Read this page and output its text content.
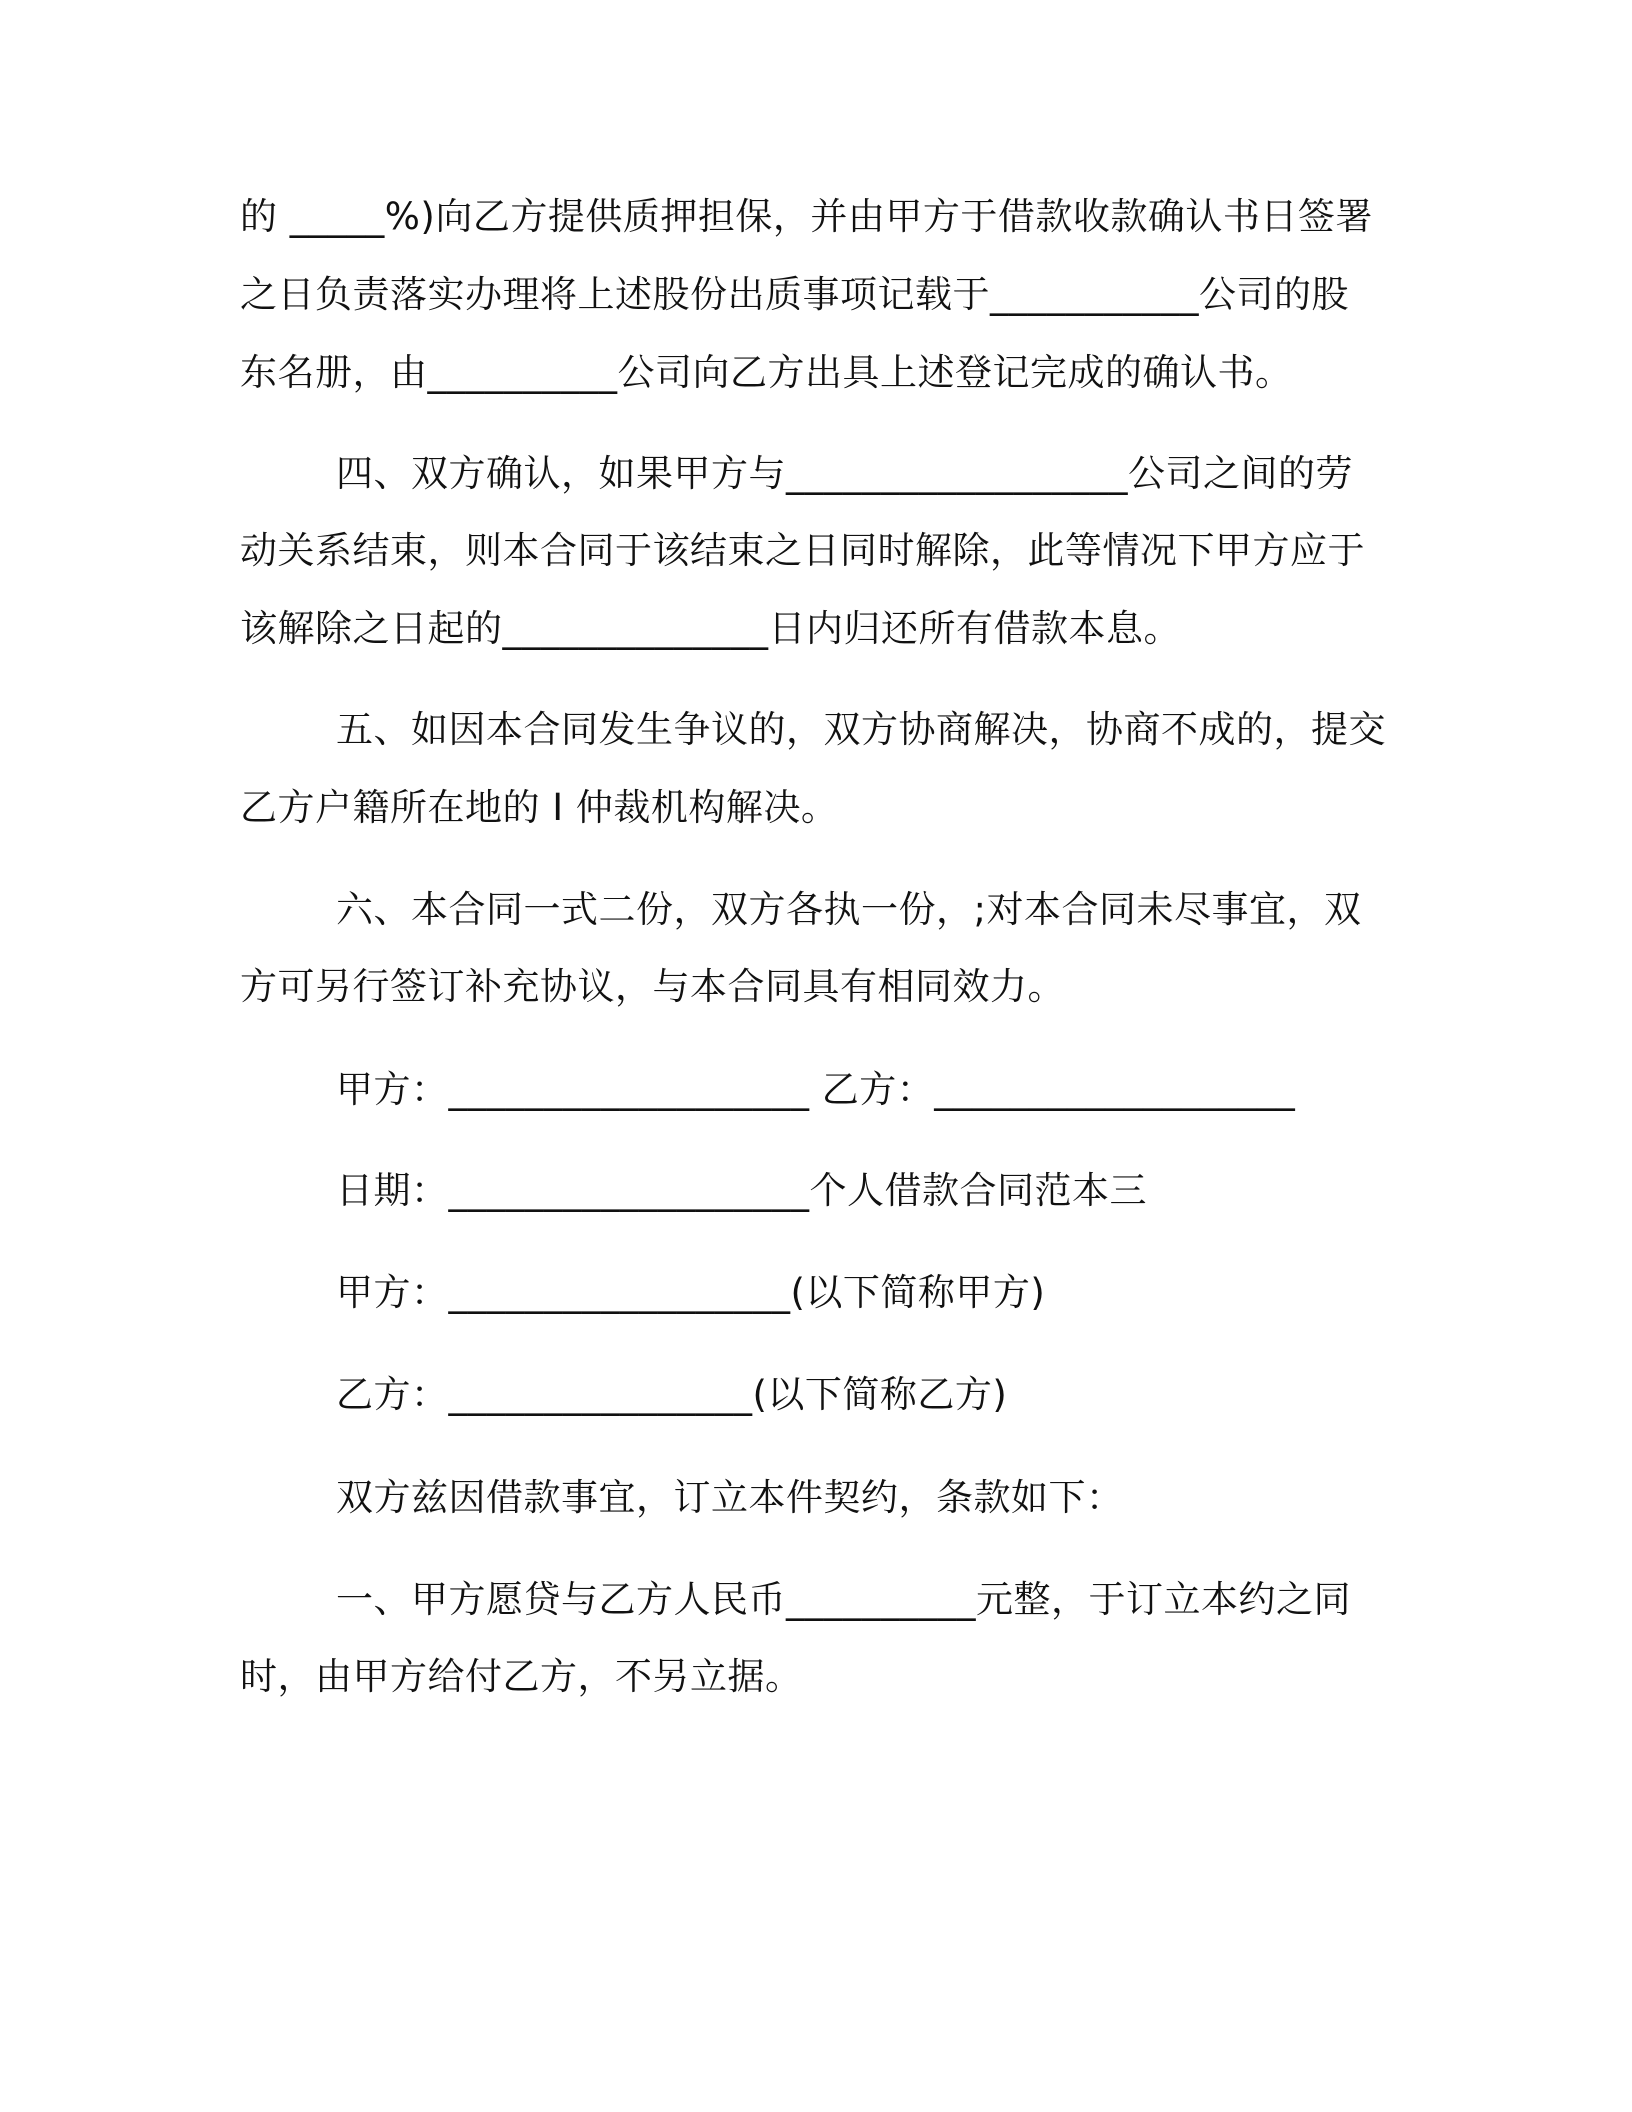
的 _____%)向乙方提供质押担保，并由甲方于借款收款确认书日签署
之日负责落实办理将上述股份出质事项记载于___________公司的股
东名册，由__________公司向乙方出具上述登记完成的确认书。
四、双方确认，如果甲方与__________________公司之间的劳
动关系结束，则本合同于该结束之日同时解除，此等情况下甲方应于
该解除之日起的______________日内归还所有借款本息。
五、如因本合同发生争议的，双方协商解决，协商不成的，提交
乙方户籍所在地的 I 仲裁机构解决。
六、本合同一式二份，双方各执一份，;对本合同未尽事宜，双
方可另行签订补充协议，与本合同具有相同效力。
甲方：___________________ 乙方：___________________
日期：___________________个人借款合同范本三
甲方：__________________(以下简称甲方)
乙方：________________(以下简称乙方)
双方兹因借款事宜，订立本件契约，条款如下：
一、甲方愿贷与乙方人民币__________元整，于订立本约之同
时，由甲方给付乙方，不另立据。
